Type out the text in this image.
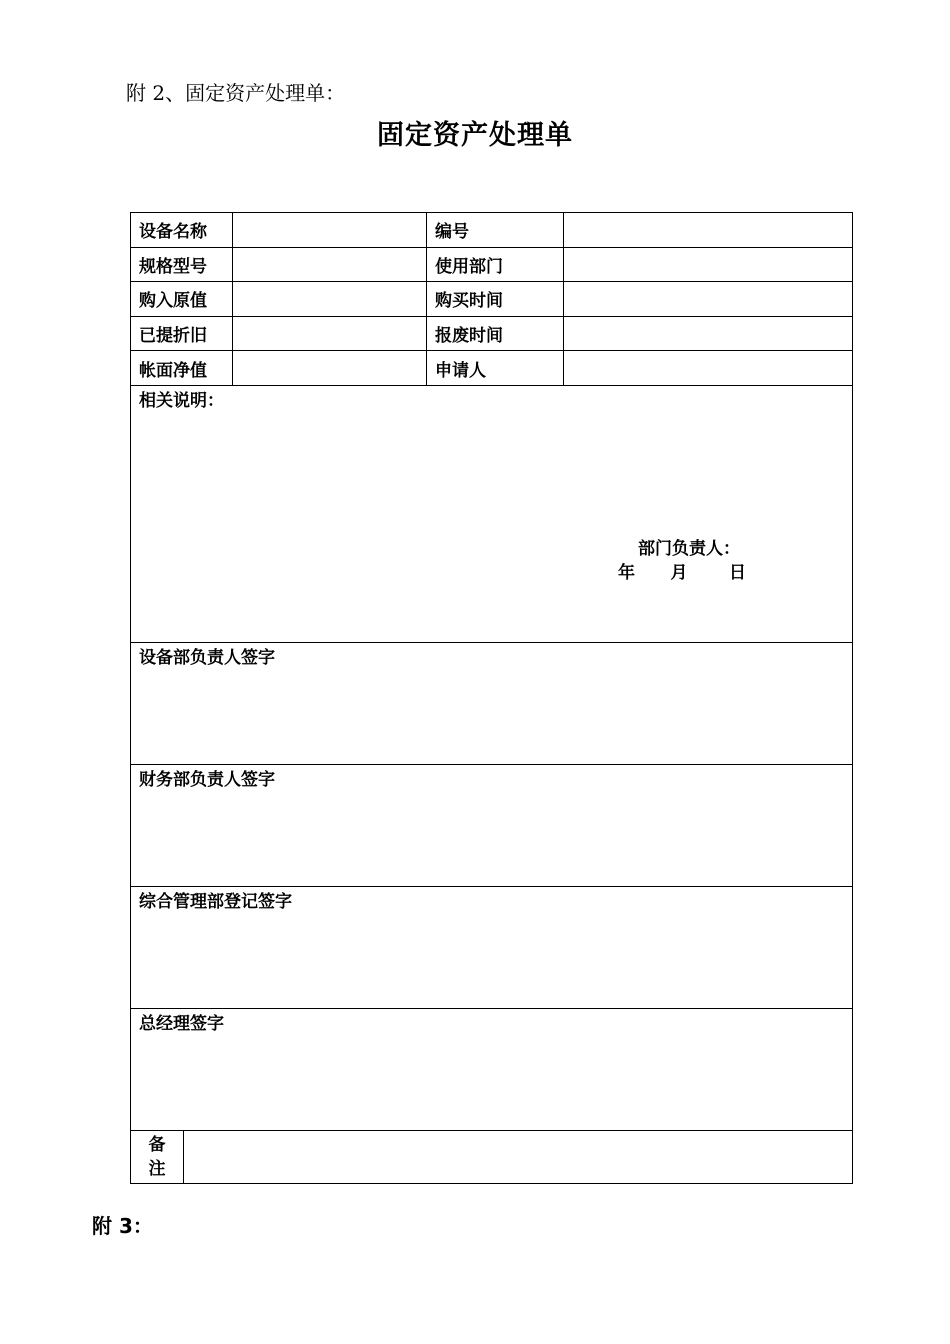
附 2、固定资产处理单：
固定资产处理单
设备名称			编号	
规格型号			使用部门	
购入原值			购买时间	
已提折旧			报废时间	
帐面净值			申请人	

相关说明：
部门负责人：
年      月       日				

设备部负责人签字				
财务部负责人签字				
综合管理部登记签字				
总经理签字				

备
注				

附 3：
